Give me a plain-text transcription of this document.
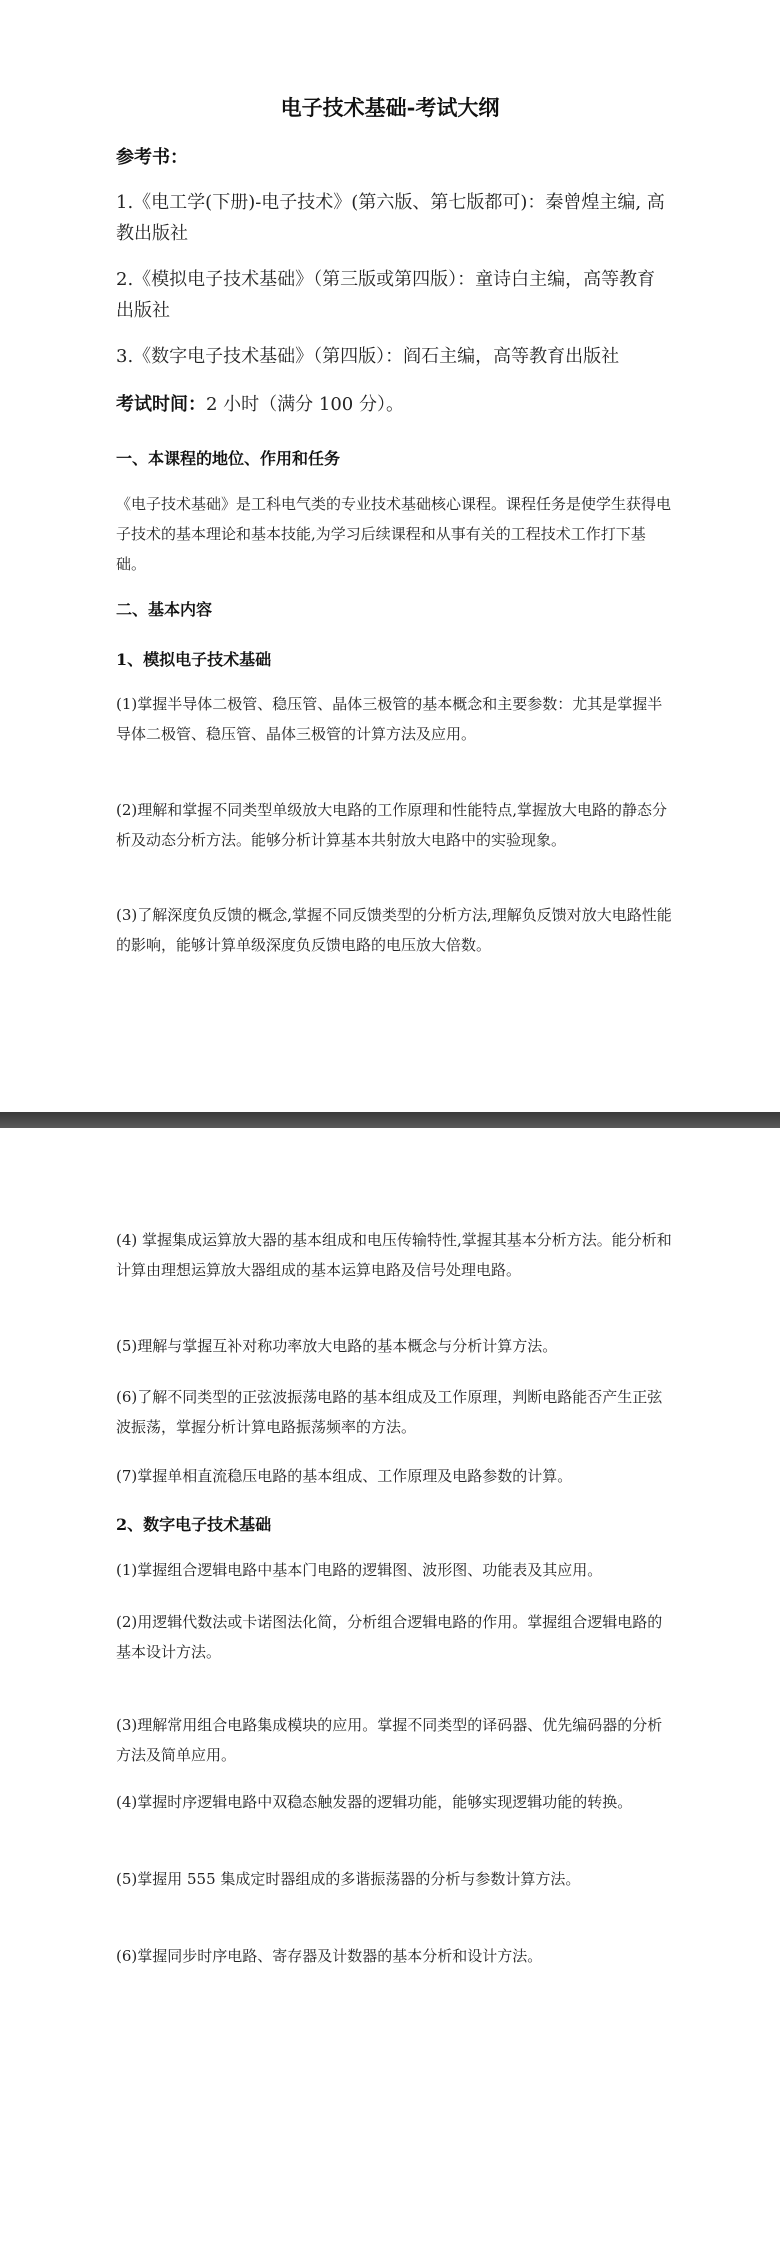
电子技术基础-考试大纲
参考书：

1.《电工学(下册)-电子技术》(第六版、第七版都可)：秦曾煌主编, 高教出版社

2.《模拟电子技术基础》（第三版或第四版）：童诗白主编，高等教育出版社

3.《数字电子技术基础》（第四版）：阎石主编，高等教育出版社

考试时间：2 小时（满分 100 分）。

一、本课程的地位、作用和任务

《电子技术基础》是工科电气类的专业技术基础核心课程。课程任务是使学生获得电子技术的基本理论和基本技能,为学习后续课程和从事有关的工程技术工作打下基础。

二、基本内容
1、模拟电子技术基础

(1)掌握半导体二极管、稳压管、晶体三极管的基本概念和主要参数：尤其是掌握半导体二极管、稳压管、晶体三极管的计算方法及应用。

(2)理解和掌握不同类型单级放大电路的工作原理和性能特点,掌握放大电路的静态分析及动态分析方法。能够分析计算基本共射放大电路中的实验现象。

(3)了解深度负反馈的概念,掌握不同反馈类型的分析方法,理解负反馈对放大电路性能的影响，能够计算单级深度负反馈电路的电压放大倍数。

(4) 掌握集成运算放大器的基本组成和电压传输特性,掌握其基本分析方法。能分析和计算由理想运算放大器组成的基本运算电路及信号处理电路。

(5)理解与掌握互补对称功率放大电路的基本概念与分析计算方法。

(6)了解不同类型的正弦波振荡电路的基本组成及工作原理，判断电路能否产生正弦波振荡，掌握分析计算电路振荡频率的方法。

(7)掌握单相直流稳压电路的基本组成、工作原理及电路参数的计算。

2、数字电子技术基础

(1)掌握组合逻辑电路中基本门电路的逻辑图、波形图、功能表及其应用。

(2)用逻辑代数法或卡诺图法化简，分析组合逻辑电路的作用。掌握组合逻辑电路的基本设计方法。

(3)理解常用组合电路集成模块的应用。掌握不同类型的译码器、优先编码器的分析方法及简单应用。

(4)掌握时序逻辑电路中双稳态触发器的逻辑功能，能够实现逻辑功能的转换。

(5)掌握用 555 集成定时器组成的多谐振荡器的分析与参数计算方法。

(6)掌握同步时序电路、寄存器及计数器的基本分析和设计方法。
